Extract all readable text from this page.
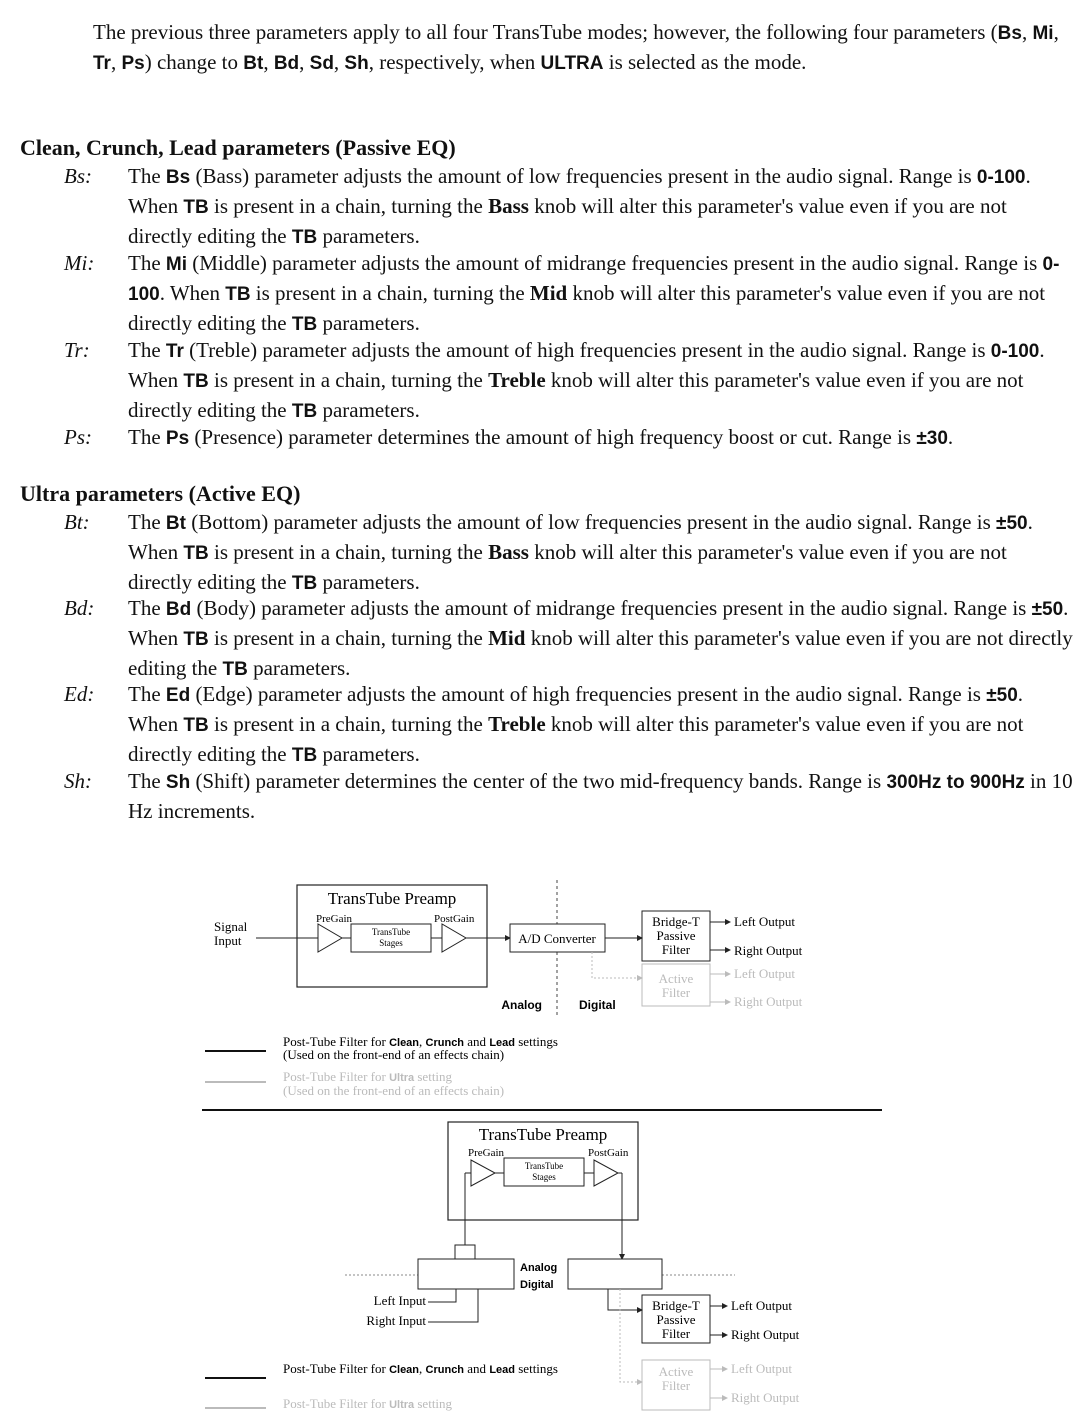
The previous three parameters apply to all four TransTube modes; however, the following four parameters (Bs, Mi, Tr, Ps) change to Bt, Bd, Sd, Sh, respectively, when ULTRA is selected as the mode.
Clean, Crunch, Lead parameters (Passive EQ)
Bs: The Bs (Bass) parameter adjusts the amount of low frequencies present in the audio signal. Range is 0-100. When TB is present in a chain, turning the Bass knob will alter this parameter's value even if you are not directly editing the TB parameters.
Mi: The Mi (Middle) parameter adjusts the amount of midrange frequencies present in the audio signal. Range is 0-100. When TB is present in a chain, turning the Mid knob will alter this parameter's value even if you are not directly editing the TB parameters.
Tr: The Tr (Treble) parameter adjusts the amount of high frequencies present in the audio signal. Range is 0-100. When TB is present in a chain, turning the Treble knob will alter this parameter's value even if you are not directly editing the TB parameters.
Ps: The Ps (Presence) parameter determines the amount of high frequency boost or cut. Range is ±30.
Ultra parameters (Active EQ)
Bt: The Bt (Bottom) parameter adjusts the amount of low frequencies present in the audio signal. Range is ±50. When TB is present in a chain, turning the Bass knob will alter this parameter's value even if you are not directly editing the TB parameters.
Bd: The Bd (Body) parameter adjusts the amount of midrange frequencies present in the audio signal. Range is ±50. When TB is present in a chain, turning the Mid knob will alter this parameter's value even if you are not directly editing the TB parameters.
Ed: The Ed (Edge) parameter adjusts the amount of high frequencies present in the audio signal. Range is ±50. When TB is present in a chain, turning the Treble knob will alter this parameter's value even if you are not directly editing the TB parameters.
Sh: The Sh (Shift) parameter determines the center of the two mid-frequency bands. Range is 300Hz to 900Hz in 10 Hz increments.
TransTube Preamp
PreGain	PostGain
TransTube
Stages
Signal
Input	A/D Converter
Bridge-T
Passive
Filter
Active
Filter
Left Output
Right Output
Left Output
Right Output
Analog	Digital
Post-Tube Filter for Clean, Crunch and Lead settings
(Used on the front-end of an effects chain)
Post-Tube Filter for Ultra setting
(Used on the front-end of an effects chain)
TransTube Preamp
PreGain	PostGain
TransTube
Stages
Analog
Digital
Left Input
Right Input
Bridge-T
Passive
Filter
Active
Filter
Left Output
Right Output
Left Output
Right Output
Post-Tube Filter for Clean, Crunch and Lead settings
Post-Tube Filter for Ultra setting
